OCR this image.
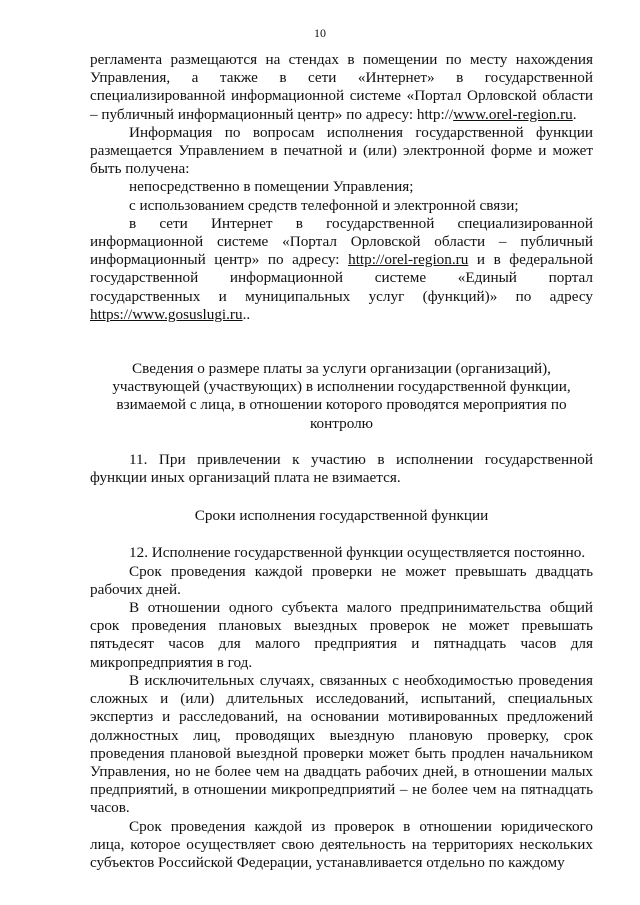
10

регламента размещаются на стендах в помещении по месту нахождения Управления, а также в сети «Интернет» в государственной специализированной информационной системе «Портал Орловской области – публичный информационный центр» по адресу: http://www.orel-region.ru.

Информация по вопросам исполнения государственной функции размещается Управлением в печатной и (или) электронной форме и может быть получена:

непосредственно в помещении Управления;

с использованием средств телефонной и электронной связи;

в сети Интернет в государственной специализированной информационной системе «Портал Орловской области – публичный информационный центр» по адресу: http://orel-region.ru и в федеральной государственной информационной системе «Единый портал государственных и муниципальных услуг (функций)» по адресу https://www.gosuslugi.ru..

Сведения о размере платы за услуги организации (организаций), участвующей (участвующих) в исполнении государственной функции, взимаемой с лица, в отношении которого проводятся мероприятия по контролю

11. При привлечении к участию в исполнении государственной функции иных организаций плата не взимается.

Сроки исполнения государственной функции

12. Исполнение государственной функции осуществляется постоянно.

Срок проведения каждой проверки не может превышать двадцать рабочих дней.

В отношении одного субъекта малого предпринимательства общий срок проведения плановых выездных проверок не может превышать пятьдесят часов для малого предприятия и пятнадцать часов для микропредприятия в год.

В исключительных случаях, связанных с необходимостью проведения сложных и (или) длительных исследований, испытаний, специальных экспертиз и расследований, на основании мотивированных предложений должностных лиц, проводящих выездную плановую проверку, срок проведения плановой выездной проверки может быть продлен начальником Управления, но не более чем на двадцать рабочих дней, в отношении малых предприятий, в отношении микропредприятий – не более чем на пятнадцать часов.

Срок проведения каждой из проверок в отношении юридического лица, которое осуществляет свою деятельность на территориях нескольких субъектов Российской Федерации, устанавливается отдельно по каждому
